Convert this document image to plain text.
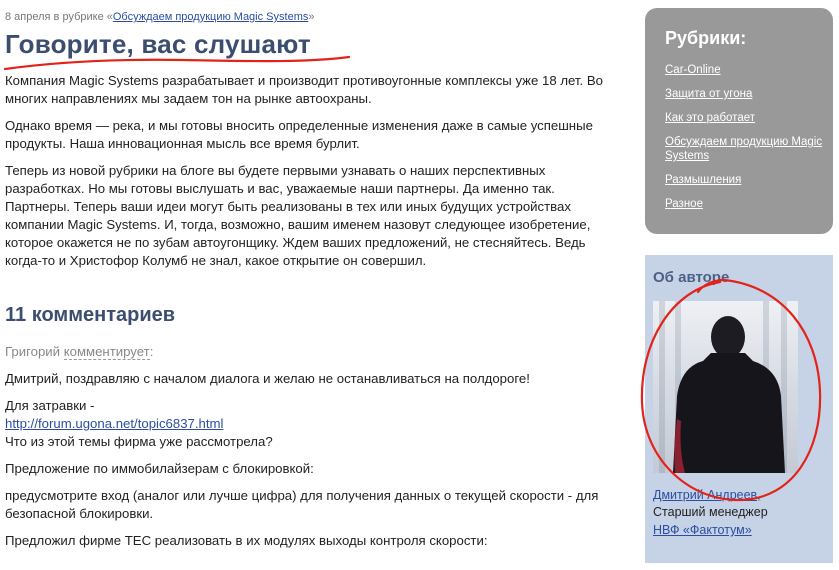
8 апреля в рубрике «Обсуждаем продукцию Magic Systems»
Говорите, вас слушают

Компания Magic Systems разрабатывает и производит противоугонные комплексы уже 18 лет. Во многих направлениях мы задаем тон на рынке автоохраны.

Однако время — река, и мы готовы вносить определенные изменения даже в самые успешные продукты. Наша инновационная мысль все время бурлит.

Теперь из новой рубрики на блоге вы будете первыми узнавать о наших перспективных разработках. Но мы готовы выслушать и вас, уважаемые наши партнеры. Да именно так. Партнеры. Теперь ваши идеи могут быть реализованы в тех или иных будущих устройствах компании Magic Systems. И, тогда, возможно, вашим именем назовут следующее изобретение, которое окажется не по зубам автоугонщику. Ждем ваших предложений, не стесняйтесь. Ведь когда-то и Христофор Колумб не знал, какое открытие он совершил.

11 комментариев

Григорий комментирует:

Дмитрий, поздравляю с началом диалога и желаю не останавливаться на полдороге!

Для затравки -
http://forum.ugona.net/topic6837.html
Что из этой темы фирма уже рассмотрела?

Предложение по иммобилайзерам с блокировкой:

предусмотрите вход (аналог или лучше цифра) для получения данных о текущей скорости - для безопасной блокировки.

Предложил фирме ТЕС реализовать в их модулях выходы контроля скорости:

Рубрики:
Car-Online
Защита от угона
Как это работает
Обсуждаем продукцию Magic Systems
Размышления
Разное
Об авторе
Дмитрий Андреев,
Старший менеджер
НВФ «Фактотум»
